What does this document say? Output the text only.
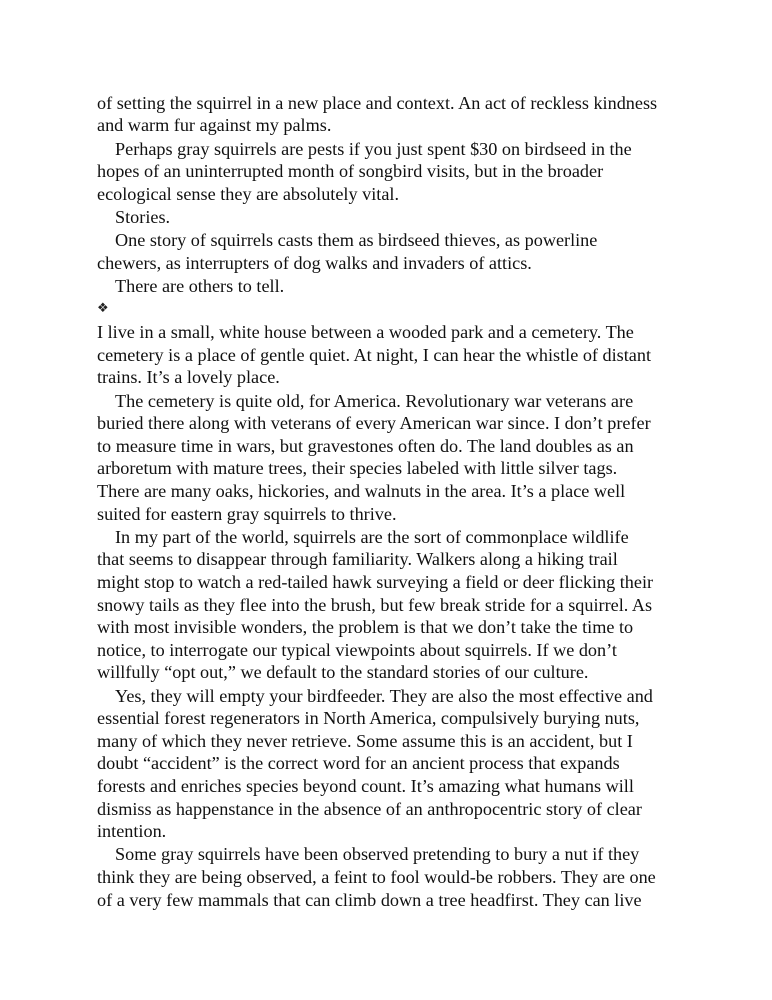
of setting the squirrel in a new place and context. An act of reckless kindness
and warm fur against my palms.
Perhaps gray squirrels are pests if you just spent $30 on birdseed in the
hopes of an uninterrupted month of songbird visits, but in the broader
ecological sense they are absolutely vital.
Stories.
One story of squirrels casts them as birdseed thieves, as powerline
chewers, as interrupters of dog walks and invaders of attics.
There are others to tell.
❖
I live in a small, white house between a wooded park and a cemetery. The
cemetery is a place of gentle quiet. At night, I can hear the whistle of distant
trains. It’s a lovely place.
The cemetery is quite old, for America. Revolutionary war veterans are
buried there along with veterans of every American war since. I don’t prefer
to measure time in wars, but gravestones often do. The land doubles as an
arboretum with mature trees, their species labeled with little silver tags.
There are many oaks, hickories, and walnuts in the area. It’s a place well
suited for eastern gray squirrels to thrive.
In my part of the world, squirrels are the sort of commonplace wildlife
that seems to disappear through familiarity. Walkers along a hiking trail
might stop to watch a red-tailed hawk surveying a field or deer flicking their
snowy tails as they flee into the brush, but few break stride for a squirrel. As
with most invisible wonders, the problem is that we don’t take the time to
notice, to interrogate our typical viewpoints about squirrels. If we don’t
willfully “opt out,” we default to the standard stories of our culture.
Yes, they will empty your birdfeeder. They are also the most effective and
essential forest regenerators in North America, compulsively burying nuts,
many of which they never retrieve. Some assume this is an accident, but I
doubt “accident” is the correct word for an ancient process that expands
forests and enriches species beyond count. It’s amazing what humans will
dismiss as happenstance in the absence of an anthropocentric story of clear
intention.
Some gray squirrels have been observed pretending to bury a nut if they
think they are being observed, a feint to fool would-be robbers. They are one
of a very few mammals that can climb down a tree headfirst. They can live
